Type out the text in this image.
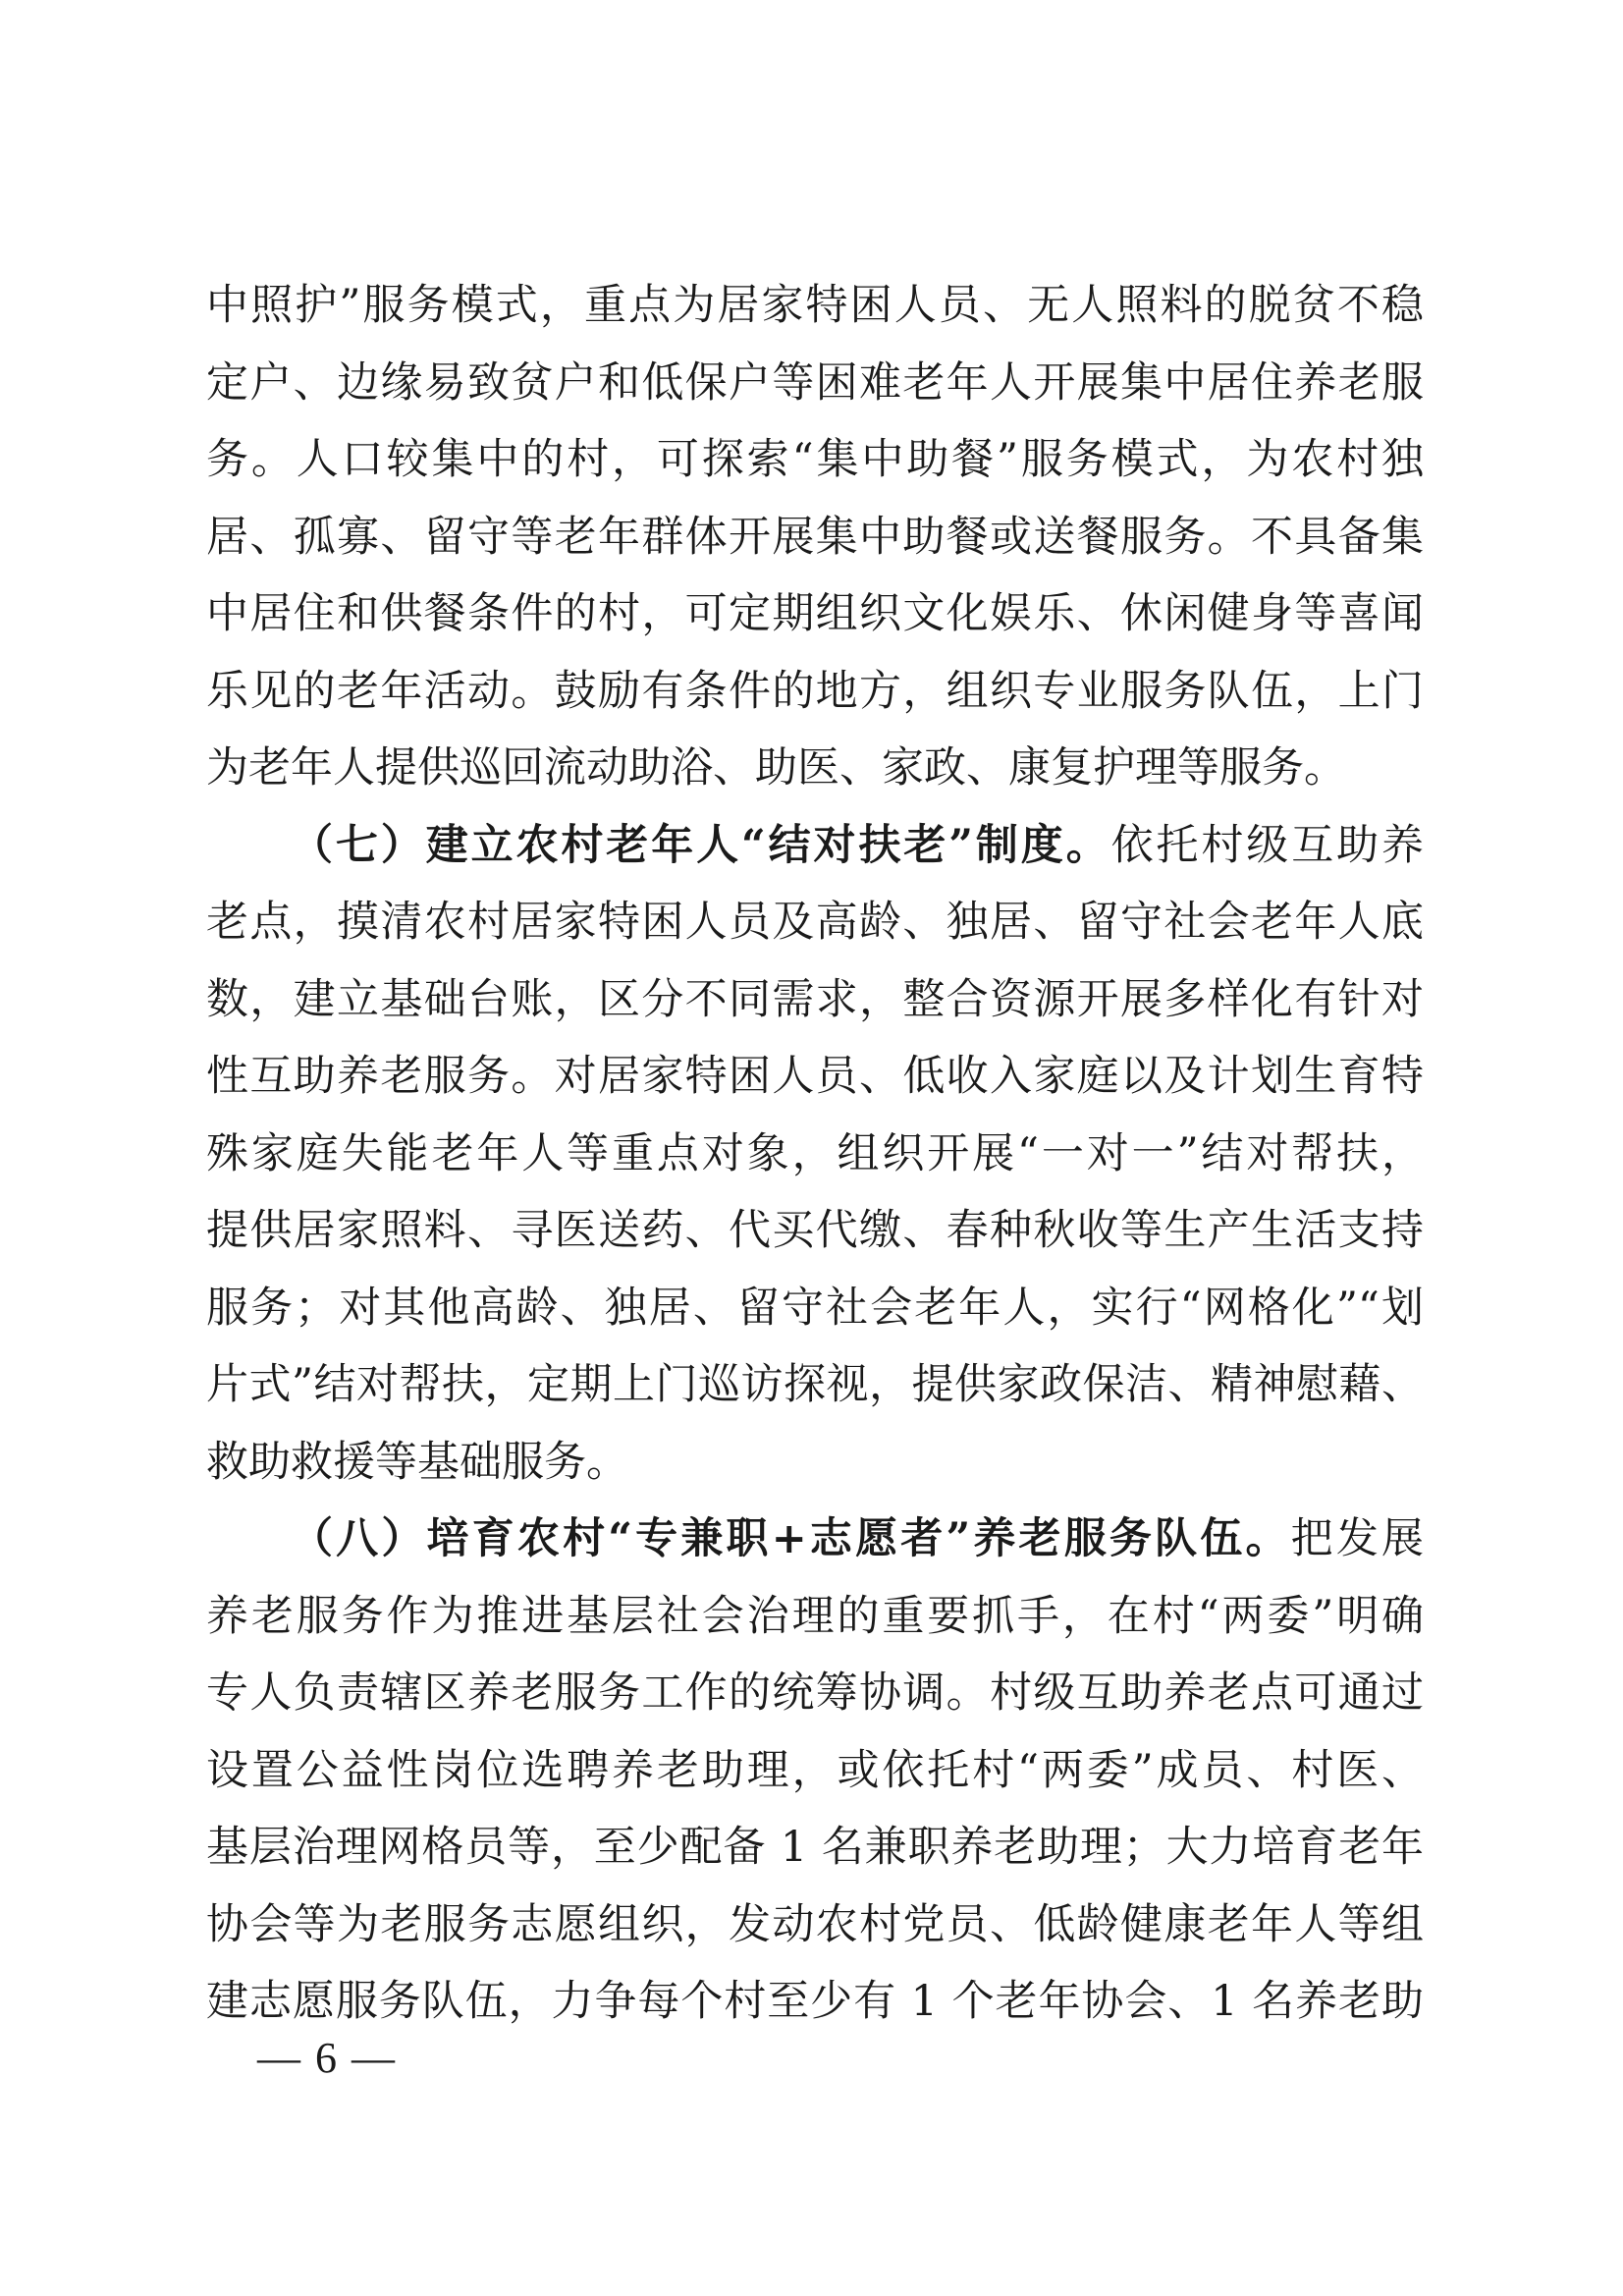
中照护”服务模式，重点为居家特困人员、无人照料的脱贫不稳
定户、边缘易致贫户和低保户等困难老年人开展集中居住养老服
务。人口较集中的村，可探索“集中助餐”服务模式，为农村独
居、孤寡、留守等老年群体开展集中助餐或送餐服务。不具备集
中居住和供餐条件的村，可定期组织文化娱乐、休闲健身等喜闻
乐见的老年活动。鼓励有条件的地方，组织专业服务队伍，上门
为老年人提供巡回流动助浴、助医、家政、康复护理等服务。
（七）建立农村老年人“结对扶老”制度。依托村级互助养
老点，摸清农村居家特困人员及高龄、独居、留守社会老年人底
数，建立基础台账，区分不同需求，整合资源开展多样化有针对
性互助养老服务。对居家特困人员、低收入家庭以及计划生育特
殊家庭失能老年人等重点对象，组织开展“一对一”结对帮扶，
提供居家照料、寻医送药、代买代缴、春种秋收等生产生活支持
服务；对其他高龄、独居、留守社会老年人，实行“网格化”“划
片式”结对帮扶，定期上门巡访探视，提供家政保洁、精神慰藉、
救助救援等基础服务。
（八）培育农村“专兼职+志愿者”养老服务队伍。把发展
养老服务作为推进基层社会治理的重要抓手，在村“两委”明确
专人负责辖区养老服务工作的统筹协调。村级互助养老点可通过
设置公益性岗位选聘养老助理，或依托村“两委”成员、村医、
基层治理网格员等，至少配备 1 名兼职养老助理；大力培育老年
协会等为老服务志愿组织，发动农村党员、低龄健康老年人等组
建志愿服务队伍，力争每个村至少有 1 个老年协会、1 名养老助
— 6 —
